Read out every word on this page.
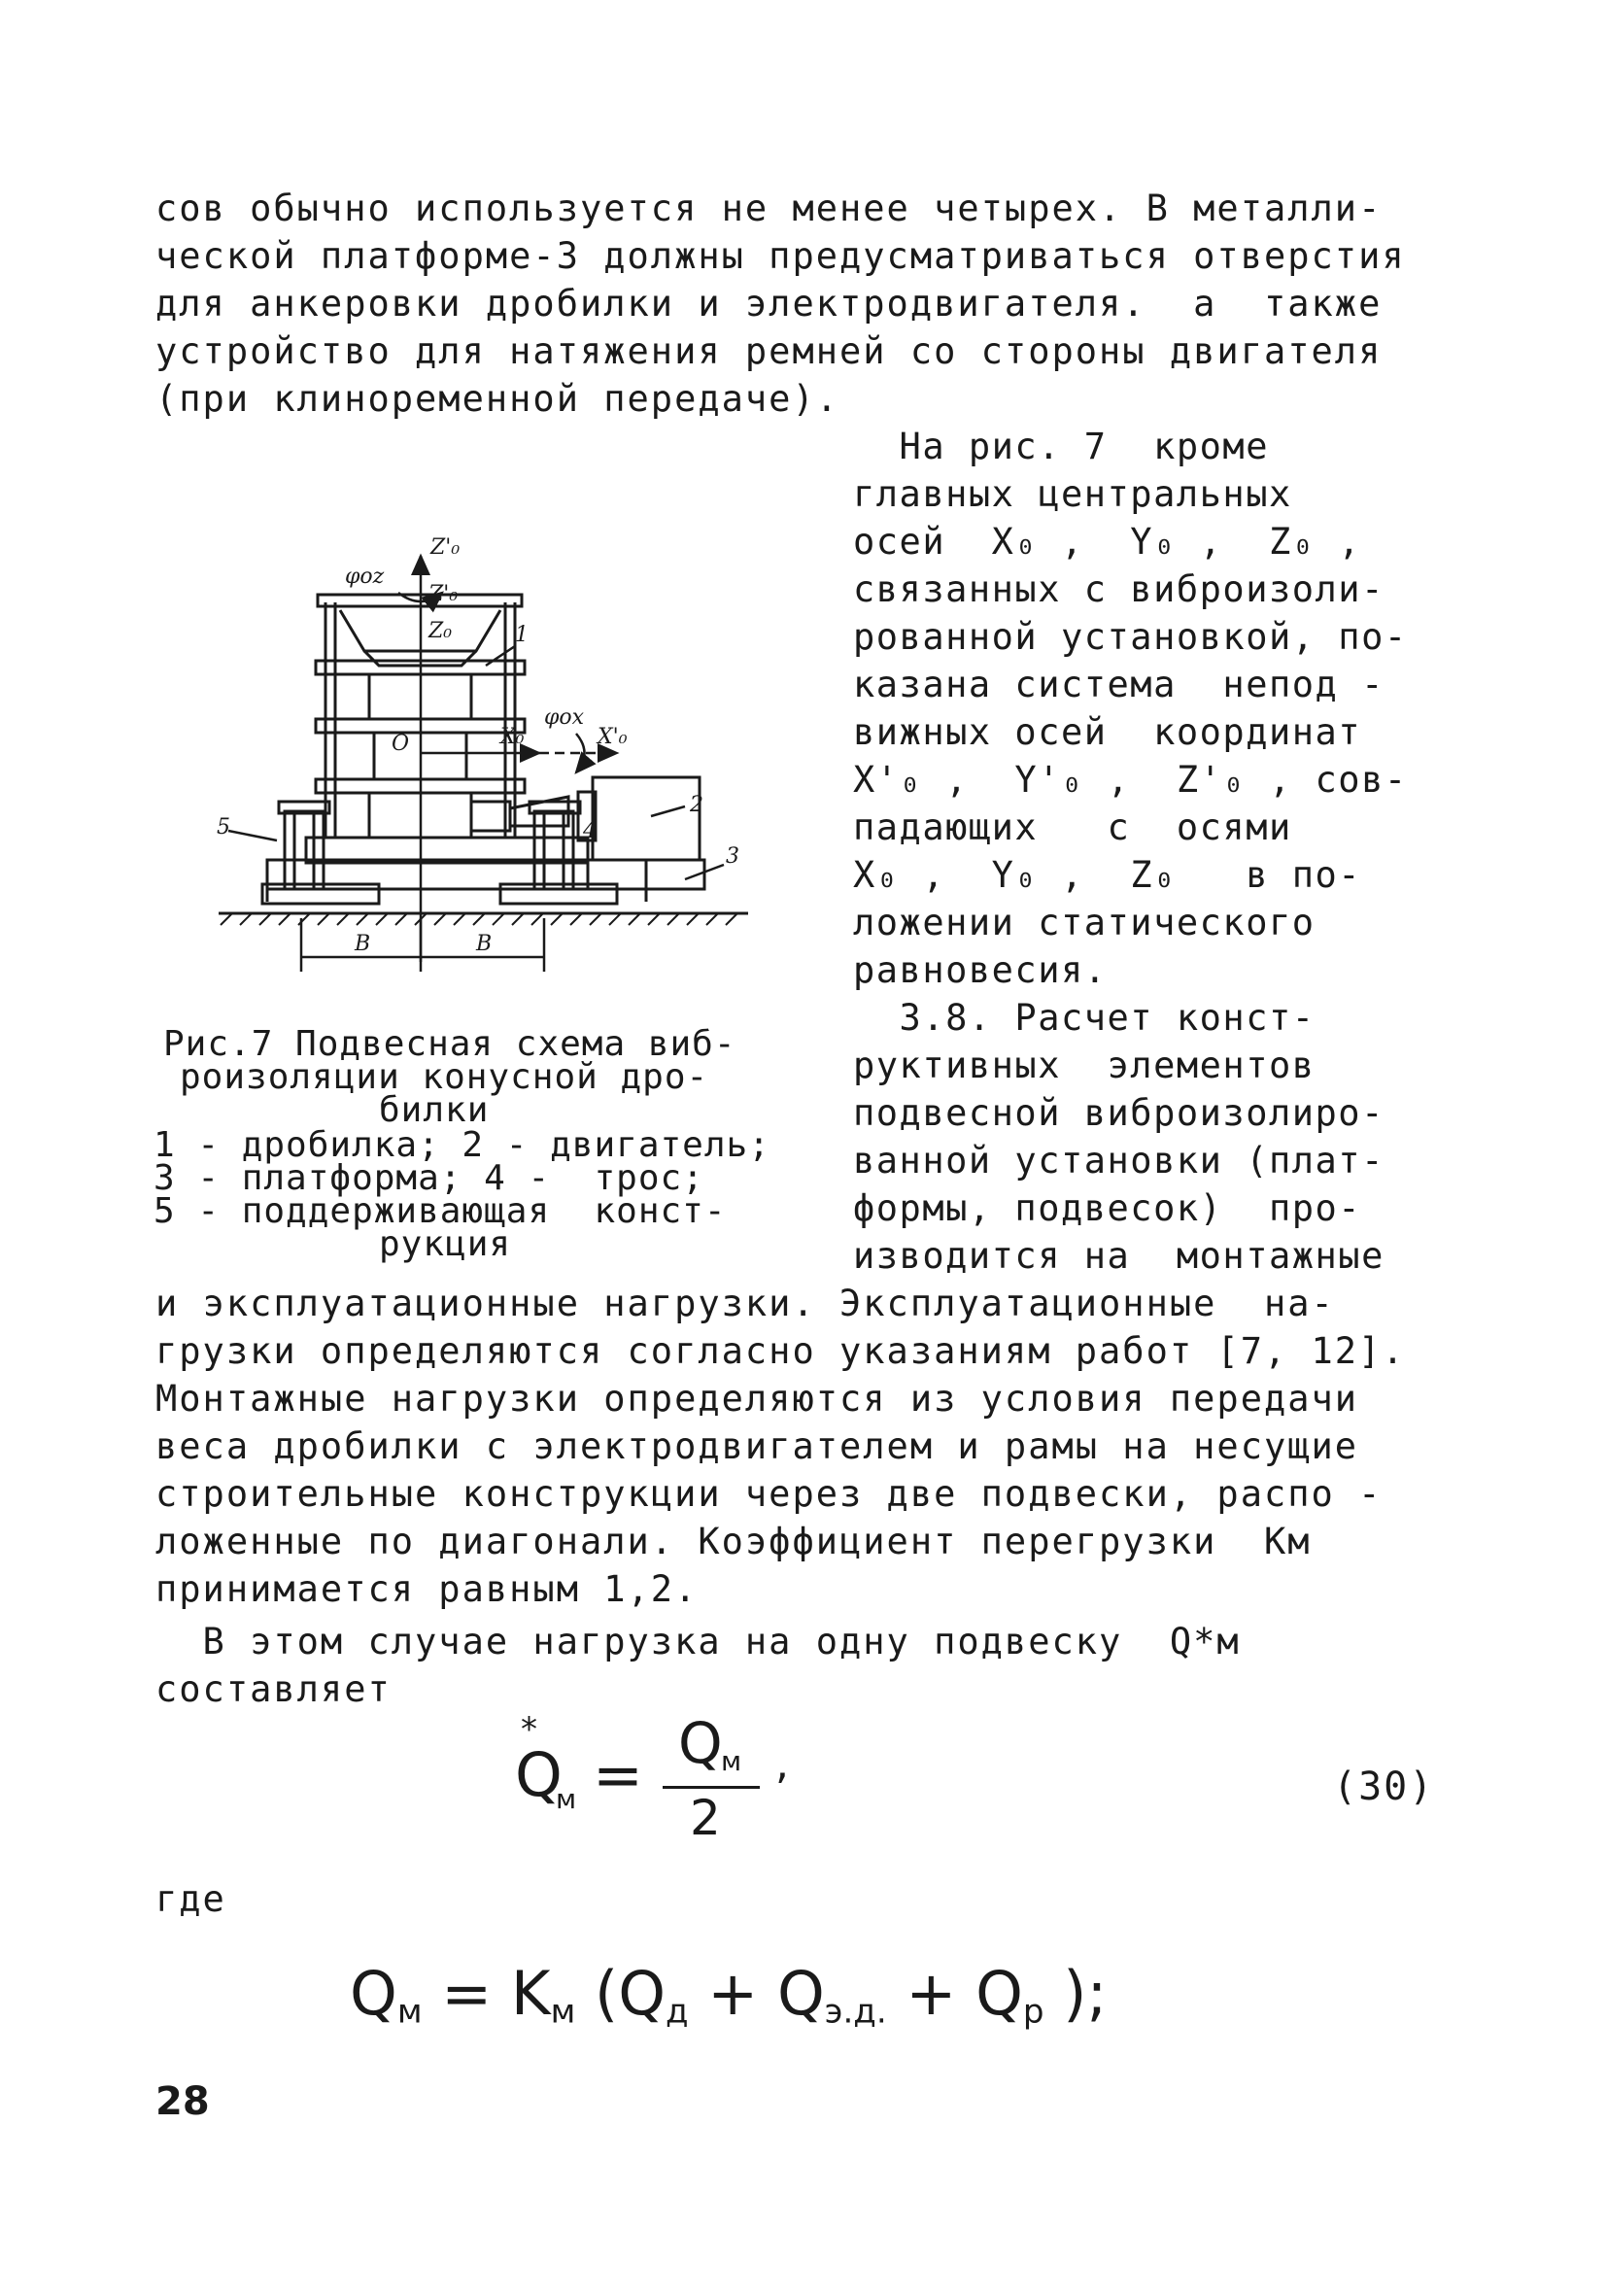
сов обычно используется не менее четырех. В металли-
ческой платформе-3 должны предусматриваться отверстия
для анкеровки дробилки и электродвигателя.  а  также
устройство для натяжения ремней со стороны двигателя
(при клиноременной передаче).
На рис. 7  кроме
главных центральных
осей  X₀ ,  Y₀ ,  Z₀ ,
связанных с виброизоли-
рованной установкой, по-
казана система  непод -
вижных осей  координат
X'₀ ,  Y'₀ ,  Z'₀ , сов-
падающих   с  осями
X₀ ,  Y₀ ,  Z₀   в по-
ложении статического
равновесия.
3.8. Расчет конст-
руктивных  элементов
подвесной виброизолиро-
ванной установки (плат-
формы, подвесок)  про-
изводится на  монтажные
Z'₀
φoz
Z'₀
Z₀
O	X₀
φox
X'₀
1
2
3
4
5
B	B
Рис.7 Подвесная схема виб-
роизоляции конусной дро-
билки
1 - дробилка; 2 - двигатель;
3 - платформа; 4 -  трос;
5 - поддерживающая  конст-
рукция
и эксплуатационные нагрузки. Эксплуатационные  на-
грузки определяются согласно указаниям работ [7, 12].
Монтажные нагрузки определяются из условия передачи
веса дробилки с электродвигателем и рамы на несущие
строительные конструкции через две подвески, распо -
ложенные по диагонали. Коэффициент перегрузки  Kм
принимается равным 1,2.
В этом случае нагрузка на одну подвеску  Q*м
составляет
*
Q
м = Q
м
2
,	(30)
где
$Q_м = K_м$ ($Q_д + Q_{э.д.} + Q_р$ );
28
